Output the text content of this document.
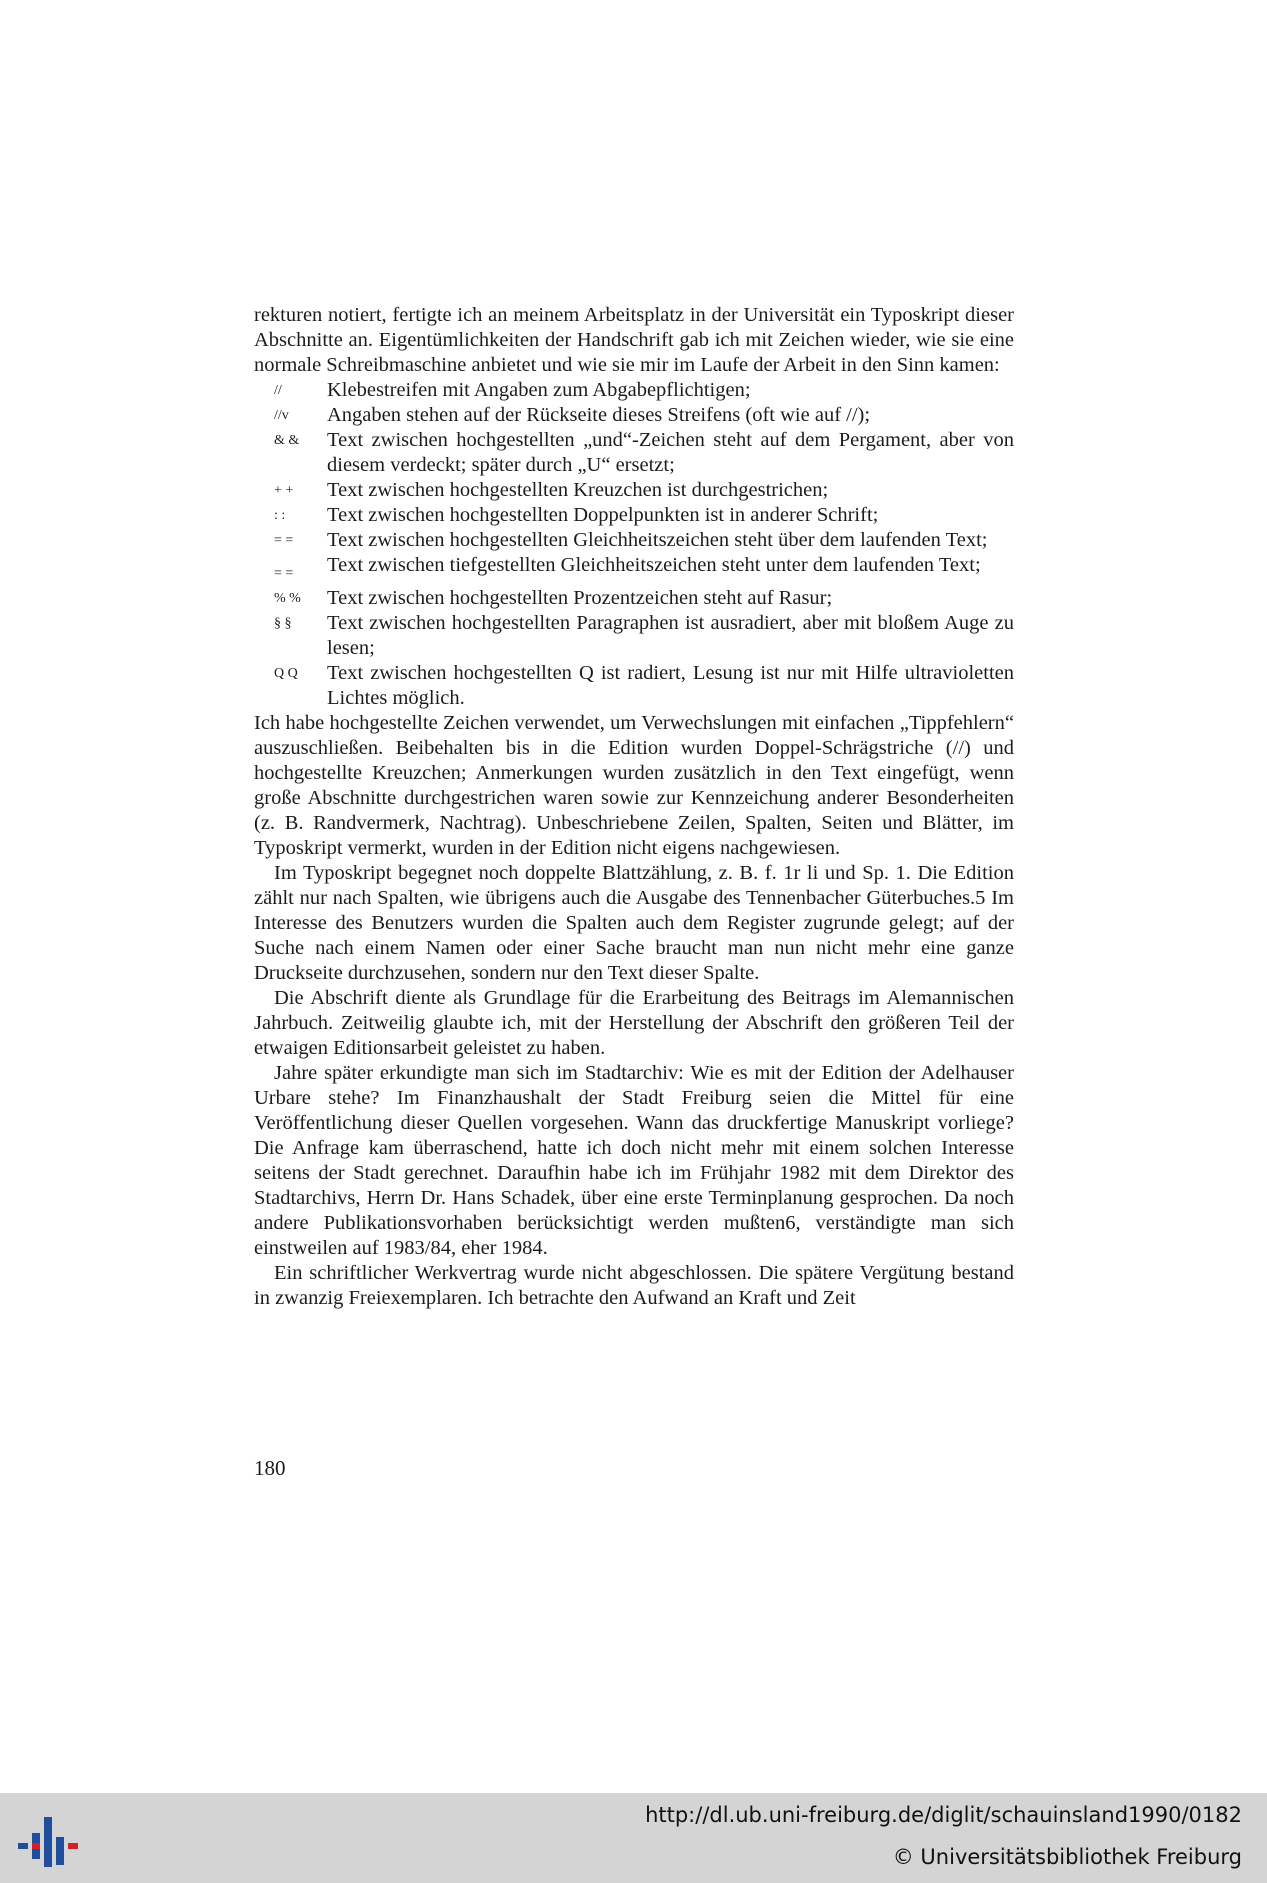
rekturen notiert, fertigte ich an meinem Arbeitsplatz in der Universität ein Typoskript dieser Abschnitte an. Eigentümlichkeiten der Handschrift gab ich mit Zeichen wieder, wie sie eine normale Schreibmaschine anbietet und wie sie mir im Laufe der Arbeit in den Sinn kamen:

//	Klebestreifen mit Angaben zum Abgabepflichtigen;
//v	Angaben stehen auf der Rückseite dieses Streifens (oft wie auf //);
& &	Text zwischen hochgestellten „und“-Zeichen steht auf dem Pergament, aber von diesem verdeckt; später durch „U“ ersetzt;
+ +	Text zwischen hochgestellten Kreuzchen ist durchgestrichen;
: :	Text zwischen hochgestellten Doppelpunkten ist in anderer Schrift;
= =	Text zwischen hochgestellten Gleichheitszeichen steht über dem laufenden Text;
= =	Text zwischen tiefgestellten Gleichheitszeichen steht unter dem laufenden Text;
% %	Text zwischen hochgestellten Prozentzeichen steht auf Rasur;
§ §	Text zwischen hochgestellten Paragraphen ist ausradiert, aber mit bloßem Auge zu lesen;
Q Q	Text zwischen hochgestellten Q ist radiert, Lesung ist nur mit Hilfe ultravioletten Lichtes möglich.

Ich habe hochgestellte Zeichen verwendet, um Verwechslungen mit einfachen „Tippfehlern“ auszuschließen. Beibehalten bis in die Edition wurden Doppel-Schrägstriche (//) und hochgestellte Kreuzchen; Anmerkungen wurden zusätzlich in den Text eingefügt, wenn große Abschnitte durchgestrichen waren sowie zur Kennzeichung anderer Besonderheiten (z. B. Randvermerk, Nachtrag). Unbeschriebene Zeilen, Spalten, Seiten und Blätter, im Typoskript vermerkt, wurden in der Edition nicht eigens nachgewiesen.

Im Typoskript begegnet noch doppelte Blattzählung, z. B. f. 1r li und Sp. 1. Die Edition zählt nur nach Spalten, wie übrigens auch die Ausgabe des Tennenbacher Güterbuches.5 Im Interesse des Benutzers wurden die Spalten auch dem Register zugrunde gelegt; auf der Suche nach einem Namen oder einer Sache braucht man nun nicht mehr eine ganze Druckseite durchzusehen, sondern nur den Text dieser Spalte.

Die Abschrift diente als Grundlage für die Erarbeitung des Beitrags im Alemannischen Jahrbuch. Zeitweilig glaubte ich, mit der Herstellung der Abschrift den größeren Teil der etwaigen Editionsarbeit geleistet zu haben.

Jahre später erkundigte man sich im Stadtarchiv: Wie es mit der Edition der Adelhauser Urbare stehe? Im Finanzhaushalt der Stadt Freiburg seien die Mittel für eine Veröffentlichung dieser Quellen vorgesehen. Wann das druckfertige Manuskript vorliege? Die Anfrage kam überraschend, hatte ich doch nicht mehr mit einem solchen Interesse seitens der Stadt gerechnet. Daraufhin habe ich im Frühjahr 1982 mit dem Direktor des Stadtarchivs, Herrn Dr. Hans Schadek, über eine erste Terminplanung gesprochen. Da noch andere Publikationsvorhaben berücksichtigt werden mußten6, verständigte man sich einstweilen auf 1983/84, eher 1984.

Ein schriftlicher Werkvertrag wurde nicht abgeschlossen. Die spätere Vergütung bestand in zwanzig Freiexemplaren. Ich betrachte den Aufwand an Kraft und Zeit

180
http://dl.ub.uni-freiburg.de/diglit/schauinsland1990/0182
© Universitätsbibliothek Freiburg
